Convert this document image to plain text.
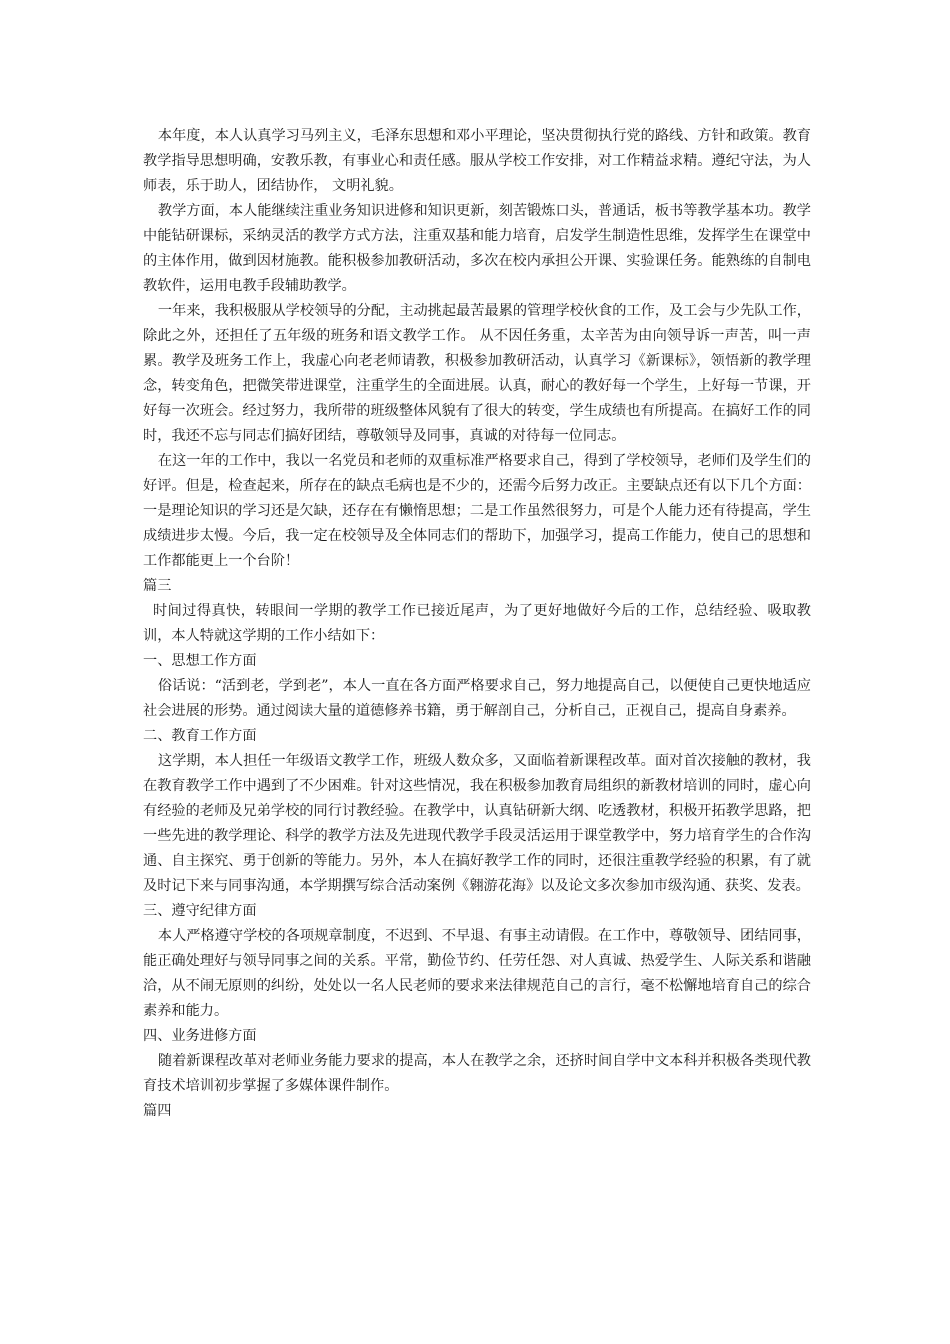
本年度，本人认真学习马列主义，毛泽东思想和邓小平理论，坚决贯彻执行党的路线、方针和政策。教育教学指导思想明确，安教乐教，有事业心和责任感。服从学校工作安排，对工作精益求精。遵纪守法，为人师表，乐于助人，团结协作， 文明礼貌。

教学方面，本人能继续注重业务知识进修和知识更新，刻苦锻炼口头，普通话，板书等教学基本功。教学中能钻研课标，采纳灵活的教学方式方法，注重双基和能力培育，启发学生制造性思维，发挥学生在课堂中的主体作用，做到因材施教。能积极参加教研活动，多次在校内承担公开课、实验课任务。能熟练的自制电教软件，运用电教手段辅助教学。

一年来，我积极服从学校领导的分配，主动挑起最苦最累的管理学校伙食的工作，及工会与少先队工作，除此之外，还担任了五年级的班务和语文教学工作。 从不因任务重，太辛苦为由向领导诉一声苦，叫一声累。教学及班务工作上，我虚心向老老师请教，积极参加教研活动，认真学习《新课标》，领悟新的教学理念，转变角色，把微笑带进课堂，注重学生的全面进展。认真，耐心的教好每一个学生，上好每一节课，开好每一次班会。经过努力，我所带的班级整体风貌有了很大的转变，学生成绩也有所提高。在搞好工作的同时，我还不忘与同志们搞好团结，尊敬领导及同事，真诚的对待每一位同志。

在这一年的工作中，我以一名党员和老师的双重标准严格要求自己，得到了学校领导，老师们及学生们的好评。但是，检查起来，所存在的缺点毛病也是不少的，还需今后努力改正。主要缺点还有以下几个方面：一是理论知识的学习还是欠缺，还存在有懒惰思想；二是工作虽然很努力，可是个人能力还有待提高，学生成绩进步太慢。今后，我一定在校领导及全体同志们的帮助下，加强学习，提高工作能力，使自己的思想和工作都能更上一个台阶！

篇三

时间过得真快，转眼间一学期的教学工作已接近尾声，为了更好地做好今后的工作，总结经验、吸取教训，本人特就这学期的工作小结如下：

一、思想工作方面

俗话说：“活到老，学到老”，本人一直在各方面严格要求自己，努力地提高自己，以便使自己更快地适应社会进展的形势。通过阅读大量的道德修养书籍，勇于解剖自己，分析自己，正视自己，提高自身素养。

二、教育工作方面

这学期，本人担任一年级语文教学工作，班级人数众多，又面临着新课程改革。面对首次接触的教材，我在教育教学工作中遇到了不少困难。针对这些情况，我在积极参加教育局组织的新教材培训的同时，虚心向有经验的老师及兄弟学校的同行讨教经验。在教学中，认真钻研新大纲、吃透教材，积极开拓教学思路，把一些先进的教学理论、科学的教学方法及先进现代教学手段灵活运用于课堂教学中，努力培育学生的合作沟通、自主探究、勇于创新的等能力。另外，本人在搞好教学工作的同时，还很注重教学经验的积累，有了就及时记下来与同事沟通，本学期撰写综合活动案例《翱游花海》以及论文多次参加市级沟通、获奖、发表。

三、遵守纪律方面

本人严格遵守学校的各项规章制度，不迟到、不早退、有事主动请假。在工作中，尊敬领导、团结同事，能正确处理好与领导同事之间的关系。平常，勤俭节约、任劳任怨、对人真诚、热爱学生、人际关系和谐融洽，从不闹无原则的纠纷，处处以一名人民老师的要求来法律规范自己的言行，毫不松懈地培育自己的综合素养和能力。

四、业务进修方面

随着新课程改革对老师业务能力要求的提高，本人在教学之余，还挤时间自学中文本科并积极各类现代教育技术培训初步掌握了多媒体课件制作。

篇四
